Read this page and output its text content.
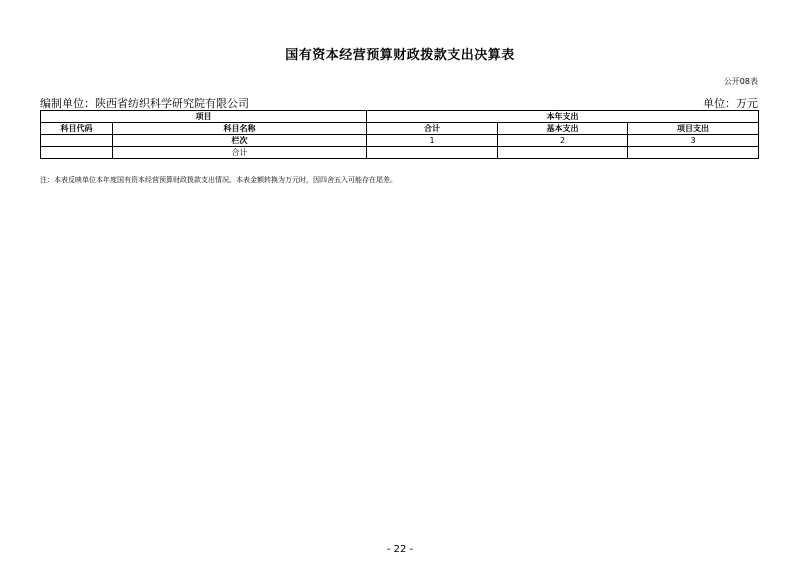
国有资本经营预算财政拨款支出决算表
公开08表
编制单位：陕西省纺织科学研究院有限公司	单位：万元
项目		本年支出		
科目代码	科目名称	合计	基本支出	项目支出
	栏次	1	2	3
	合计			
注：本表反映单位本年度国有资本经营预算财政拨款支出情况。本表金额转换为万元时，因四舍五入可能存在尾差。
- 22 -
